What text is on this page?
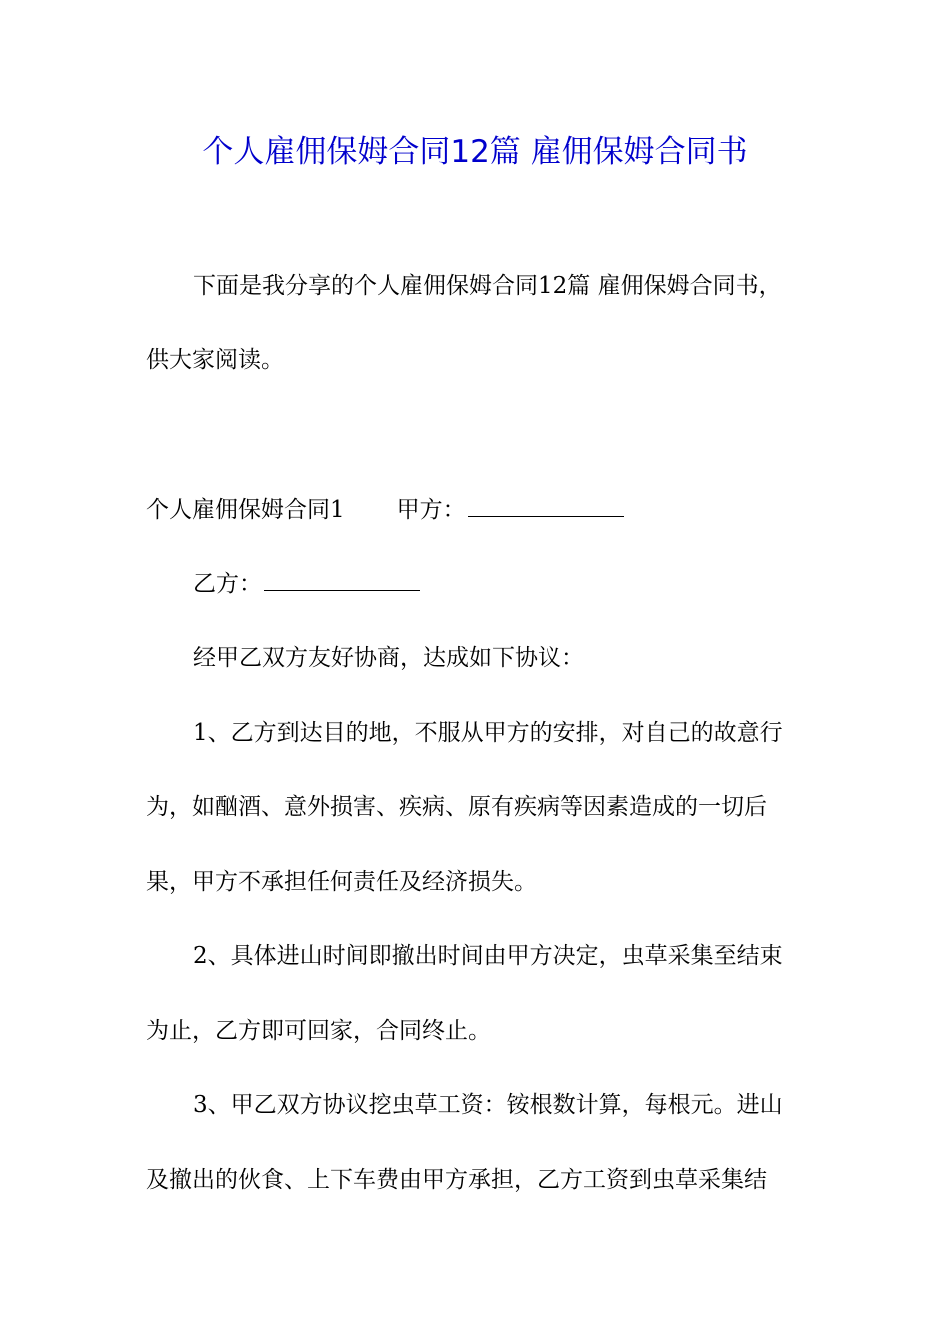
个人雇佣保姆合同12篇 雇佣保姆合同书
下面是我分享的个人雇佣保姆合同12篇 雇佣保姆合同书，
供大家阅读。
个人雇佣保姆合同1 甲方：
乙方：
经甲乙双方友好协商，达成如下协议：
1、乙方到达目的地，不服从甲方的安排，对自己的故意行
为，如酗酒、意外损害、疾病、原有疾病等因素造成的一切后
果，甲方不承担任何责任及经济损失。
2、具体进山时间即撤出时间由甲方决定，虫草采集至结束
为止，乙方即可回家，合同终止。
3、甲乙双方协议挖虫草工资：铵根数计算，每根元。进山
及撤出的伙食、上下车费由甲方承担，乙方工资到虫草采集结
